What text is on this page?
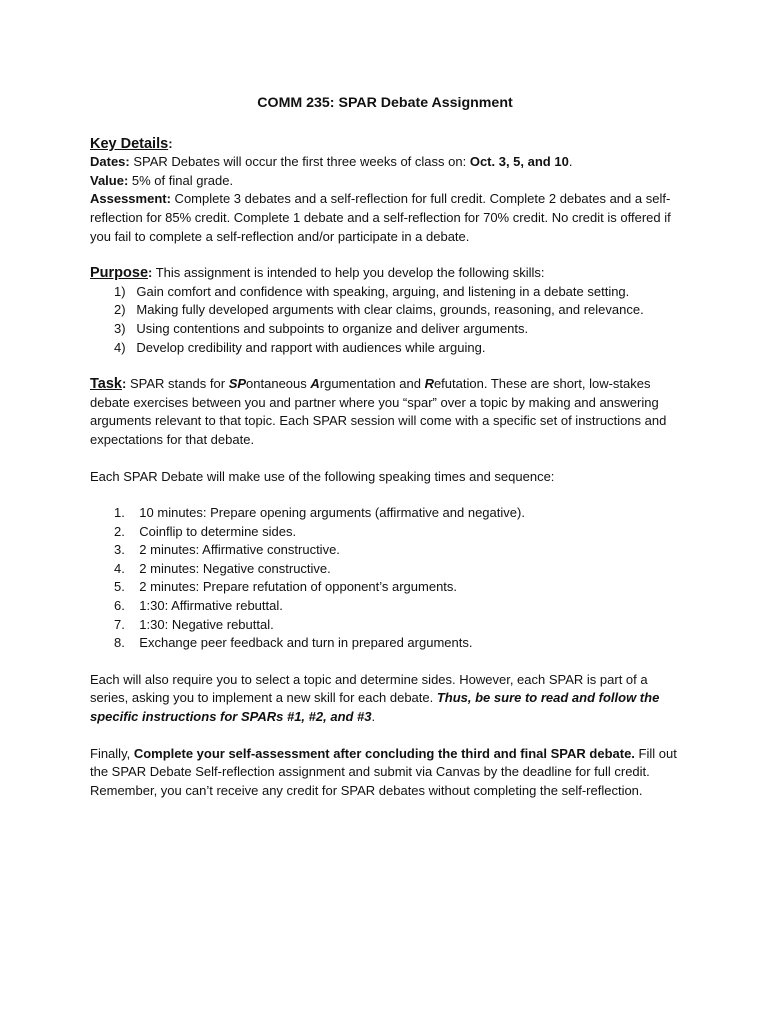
COMM 235: SPAR Debate Assignment
Key Details:

Dates: SPAR Debates will occur the first three weeks of class on: Oct. 3, 5, and 10.

Value: 5% of final grade.

Assessment: Complete 3 debates and a self-reflection for full credit. Complete 2 debates and a self-reflection for 85% credit. Complete 1 debate and a self-reflection for 70% credit. No credit is offered if you fail to complete a self-reflection and/or participate in a debate.

Purpose: This assignment is intended to help you develop the following skills:
1)   Gain comfort and confidence with speaking, arguing, and listening in a debate setting.
2)   Making fully developed arguments with clear claims, grounds, reasoning, and relevance.
3)   Using contentions and subpoints to organize and deliver arguments.
4)   Develop credibility and rapport with audiences while arguing.

Task: SPAR stands for SPontaneous Argumentation and Refutation. These are short, low-stakes debate exercises between you and partner where you “spar” over a topic by making and answering arguments relevant to that topic. Each SPAR session will come with a specific set of instructions and expectations for that debate.

Each SPAR Debate will make use of the following speaking times and sequence:

1.    10 minutes: Prepare opening arguments (affirmative and negative).
2.    Coinflip to determine sides.
3.    2 minutes: Affirmative constructive.
4.    2 minutes: Negative constructive.
5.    2 minutes: Prepare refutation of opponent’s arguments.
6.    1:30: Affirmative rebuttal.
7.    1:30: Negative rebuttal.
8.    Exchange peer feedback and turn in prepared arguments.

Each will also require you to select a topic and determine sides. However, each SPAR is part of a series, asking you to implement a new skill for each debate. Thus, be sure to read and follow the specific instructions for SPARs #1, #2, and #3.

Finally, Complete your self-assessment after concluding the third and final SPAR debate. Fill out the SPAR Debate Self-reflection assignment and submit via Canvas by the deadline for full credit. Remember, you can’t receive any credit for SPAR debates without completing the self-reflection.
